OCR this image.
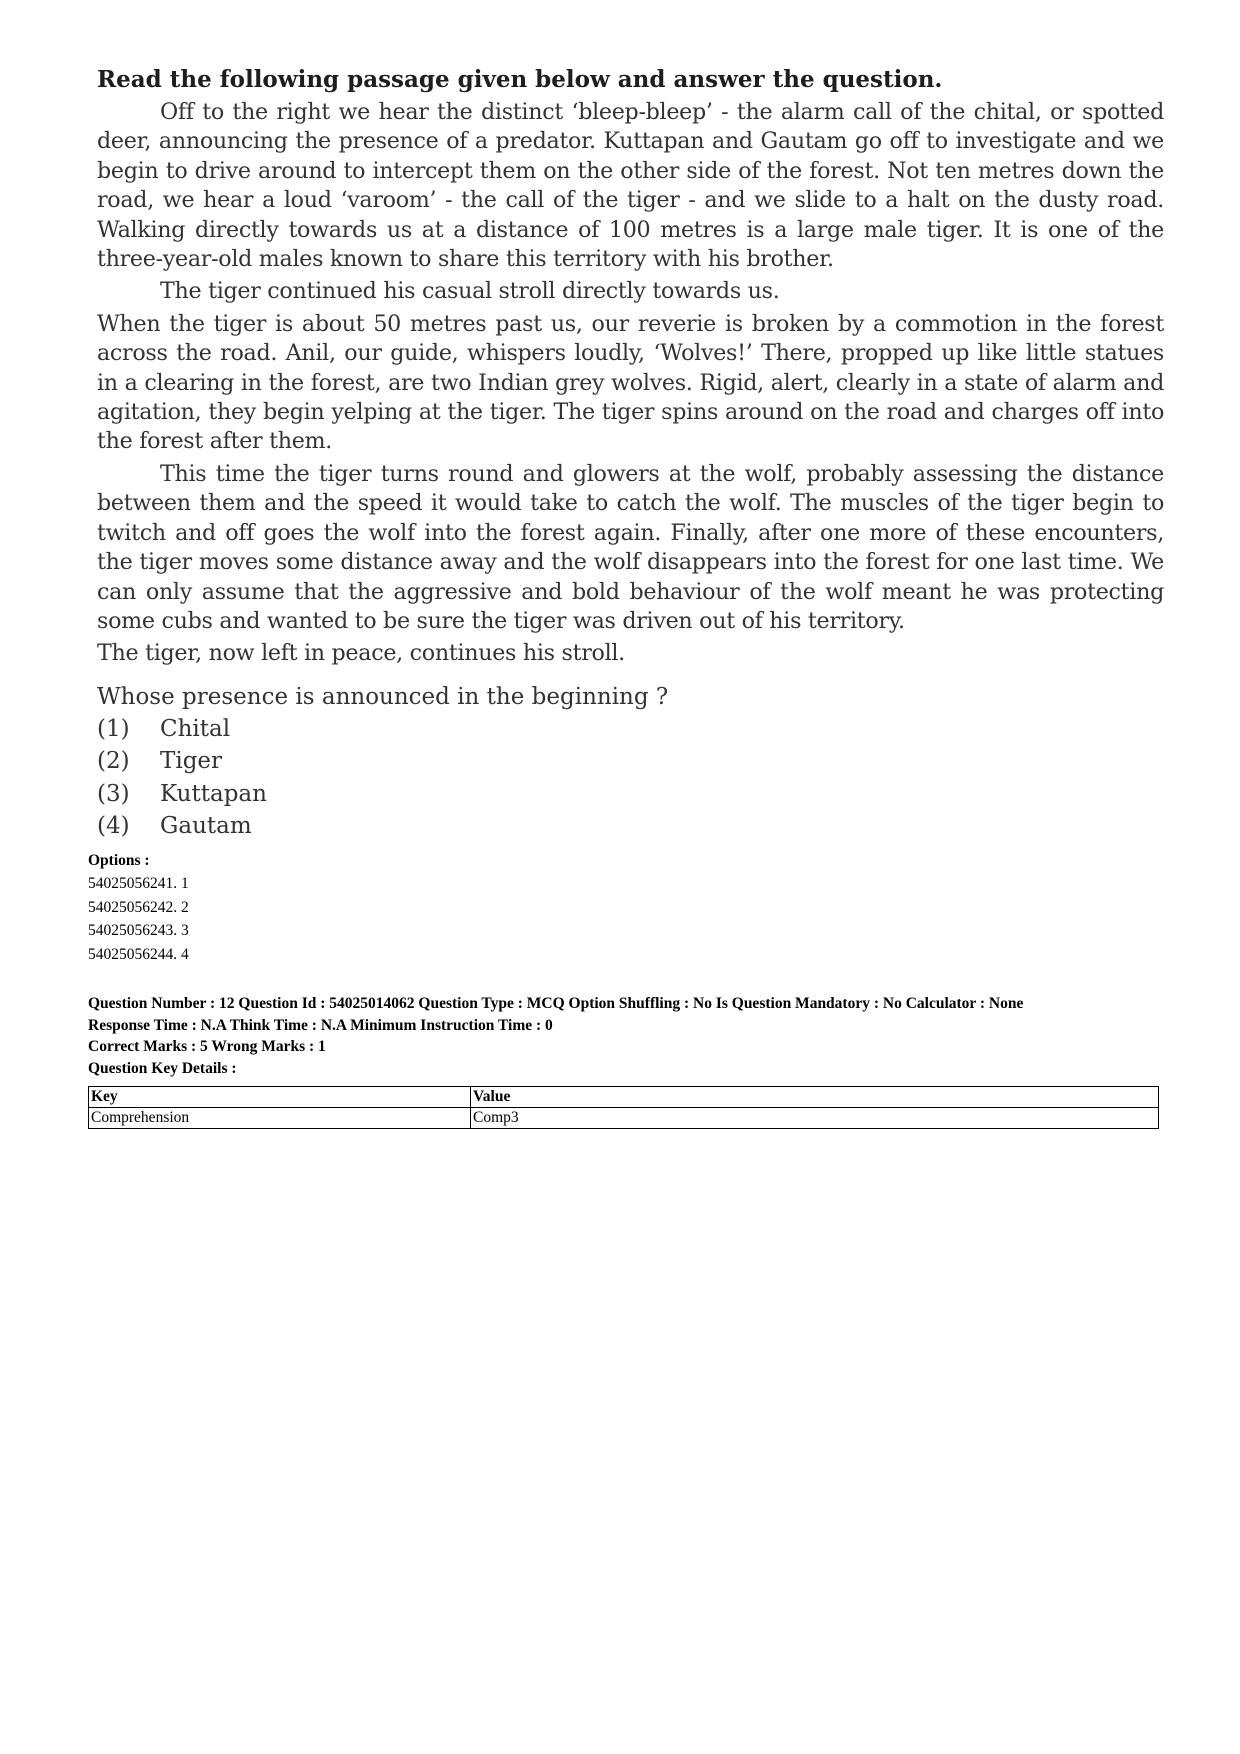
Read the following passage given below and answer the question.

Off to the right we hear the distinct ‘bleep-bleep’ - the alarm call of the chital, or spotted deer, announcing the presence of a predator. Kuttapan and Gautam go off to investigate and we begin to drive around to intercept them on the other side of the forest. Not ten metres down the road, we hear a loud ‘varoom’ - the call of the tiger - and we slide to a halt on the dusty road. Walking directly towards us at a distance of 100 metres is a large male tiger. It is one of the three-year-old males known to share this territory with his brother.

The tiger continued his casual stroll directly towards us.

When the tiger is about 50 metres past us, our reverie is broken by a commotion in the forest across the road. Anil, our guide, whispers loudly, ‘Wolves!’ There, propped up like little statues in a clearing in the forest, are two Indian grey wolves. Rigid, alert, clearly in a state of alarm and agitation, they begin yelping at the tiger. The tiger spins around on the road and charges off into the forest after them.

This time the tiger turns round and glowers at the wolf, probably assessing the distance between them and the speed it would take to catch the wolf. The muscles of the tiger begin to twitch and off goes the wolf into the forest again. Finally, after one more of these encounters, the tiger moves some distance away and the wolf disappears into the forest for one last time. We can only assume that the aggressive and bold behaviour of the wolf meant he was protecting some cubs and wanted to be sure the tiger was driven out of his territory.

The tiger, now left in peace, continues his stroll.

Whose presence is announced in the beginning ?

(1)	Chital
(2)	Tiger
(3)	Kuttapan
(4)	Gautam

Options :

54025056241. 1

54025056242. 2

54025056243. 3

54025056244. 4

Question Number : 12 Question Id : 54025014062 Question Type : MCQ Option Shuffling : No Is Question Mandatory : No Calculator : None

Response Time : N.A Think Time : N.A Minimum Instruction Time : 0

Correct Marks : 5 Wrong Marks : 1

Question Key Details :

Key	Value
Comprehension	Comp3
